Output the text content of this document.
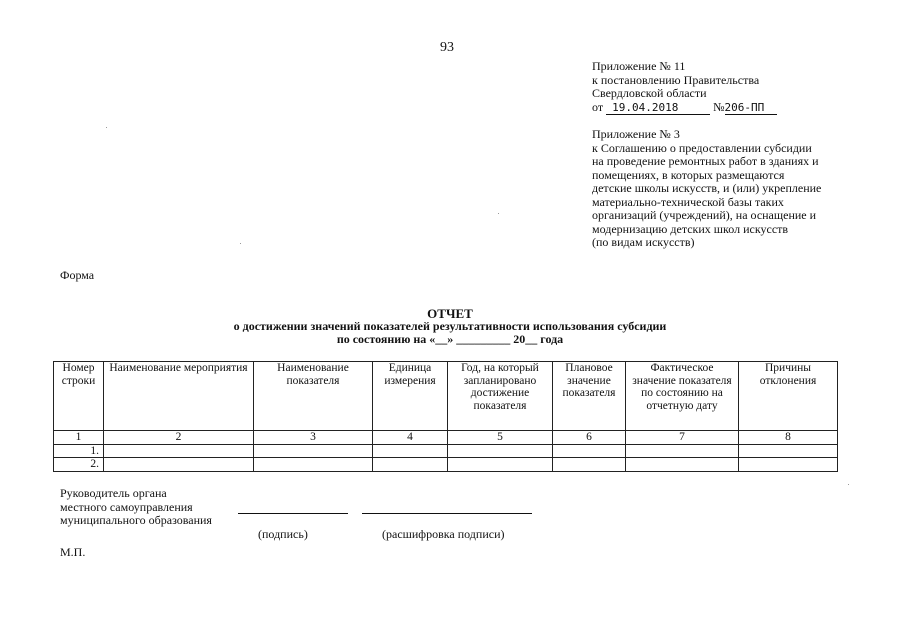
93
Приложение № 11
к постановлению Правительства
Свердловской области
от 19.04.2018	№206-ПП
Приложение № 3
к Соглашению о предоставлении субсидии
на проведение ремонтных работ в зданиях и
помещениях, в которых размещаются
детские школы искусств, и (или) укрепление
материально-технической базы таких
организаций (учреждений), на оснащение и
модернизацию детских школ искусств
(по видам искусств)
Форма
ОТЧЕТ
о достижении значений показателей результативности использования субсидии
по состоянию на «__» _________ 20__ года
Номер строки	Наименование мероприятия	Наименование показателя	Единица измерения	Год, на который запланировано достижение показателя	Плановое значение показателя	Фактическое значение показателя по состоянию на отчетную дату	Причины отклонения
1	2	3	4	5	6	7	8
1.							
2.							
Руководитель органа
местного самоуправления
муниципального образования
(подпись)	(расшифровка подписи)
М.П.
